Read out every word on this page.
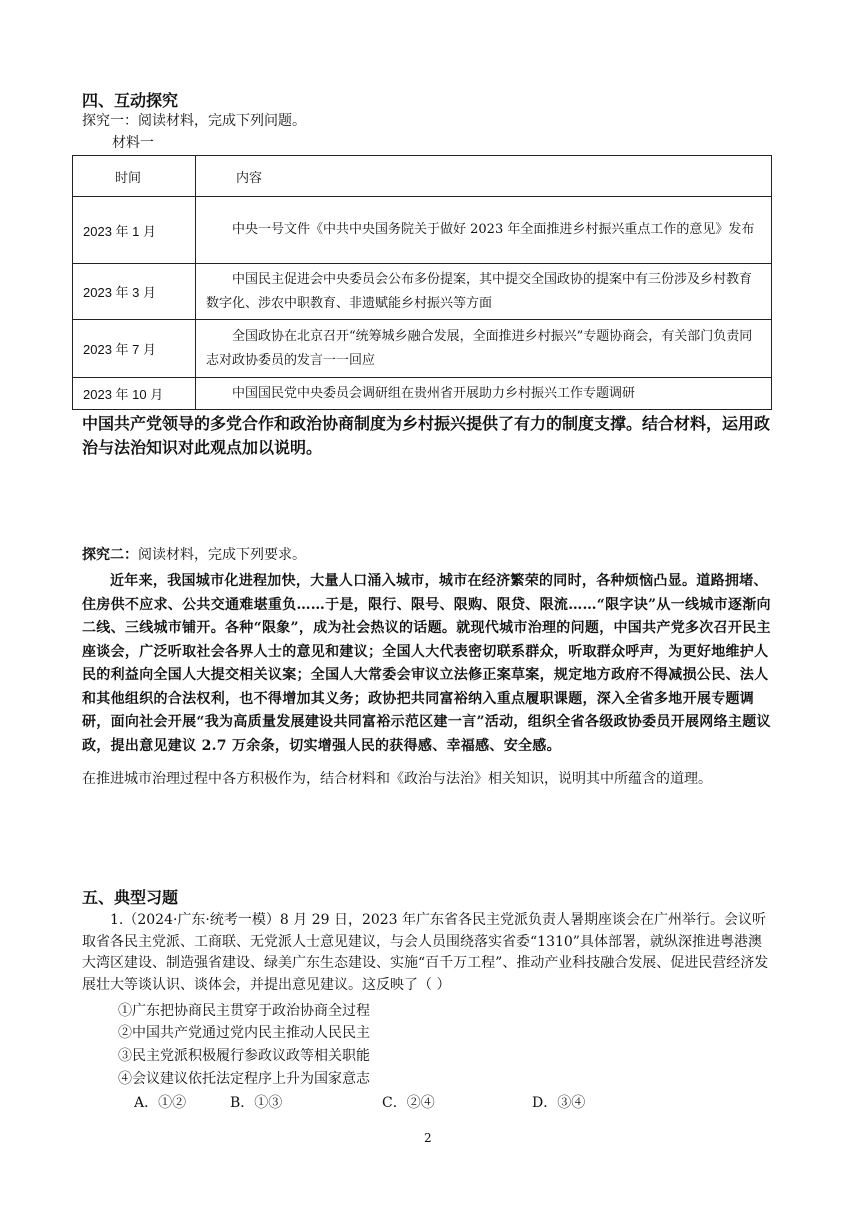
四、互动探究
探究一：阅读材料，完成下列问题。
材料一
时间	内容
2023 年 1 月	中央一号文件《中共中央国务院关于做好 2023 年全面推进乡村振兴重点工作的意见》发布
2023 年 3 月	中国民主促进会中央委员会公布多份提案，其中提交全国政协的提案中有三份涉及乡村教育数字化、涉农中职教育、非遗赋能乡村振兴等方面
2023 年 7 月	全国政协在北京召开“统筹城乡融合发展，全面推进乡村振兴”专题协商会，有关部门负责同志对政协委员的发言一一回应
2023 年 10 月	中国国民党中央委员会调研组在贵州省开展助力乡村振兴工作专题调研
中国共产党领导的多党合作和政治协商制度为乡村振兴提供了有力的制度支撑。结合材料，运用政治与法治知识对此观点加以说明。
探究二：阅读材料，完成下列要求。
近年来，我国城市化进程加快，大量人口涌入城市，城市在经济繁荣的同时，各种烦恼凸显。道路拥堵、住房供不应求、公共交通难堪重负……于是，限行、限号、限购、限贷、限流……“限字诀”从一线城市逐渐向二线、三线城市铺开。各种“限象”，成为社会热议的话题。就现代城市治理的问题，中国共产党多次召开民主座谈会，广泛听取社会各界人士的意见和建议；全国人大代表密切联系群众，听取群众呼声，为更好地维护人民的利益向全国人大提交相关议案；全国人大常委会审议立法修正案草案，规定地方政府不得减损公民、法人和其他组织的合法权利，也不得增加其义务；政协把共同富裕纳入重点履职课题，深入全省多地开展专题调研，面向社会开展“我为高质量发展建设共同富裕示范区建一言”活动，组织全省各级政协委员开展网络主题议政，提出意见建议 2.7 万余条，切实增强人民的获得感、幸福感、安全感。
在推进城市治理过程中各方积极作为，结合材料和《政治与法治》相关知识，说明其中所蕴含的道理。
五、典型习题
1.（2024·广东·统考一模）8 月 29 日，2023 年广东省各民主党派负责人暑期座谈会在广州举行。会议听取省各民主党派、工商联、无党派人士意见建议，与会人员围绕落实省委“1310”具体部署，就纵深推进粤港澳大湾区建设、制造强省建设、绿美广东生态建设、实施“百千万工程”、推动产业科技融合发展、促进民营经济发展壮大等谈认识、谈体会，并提出意见建议。这反映了（ ）
①广东把协商民主贯穿于政治协商全过程
②中国共产党通过党内民主推动人民民主
③民主党派积极履行参政议政等相关职能
④会议建议依托法定程序上升为国家意志
A．①②	B．①③	C．②④	D．③④
2
